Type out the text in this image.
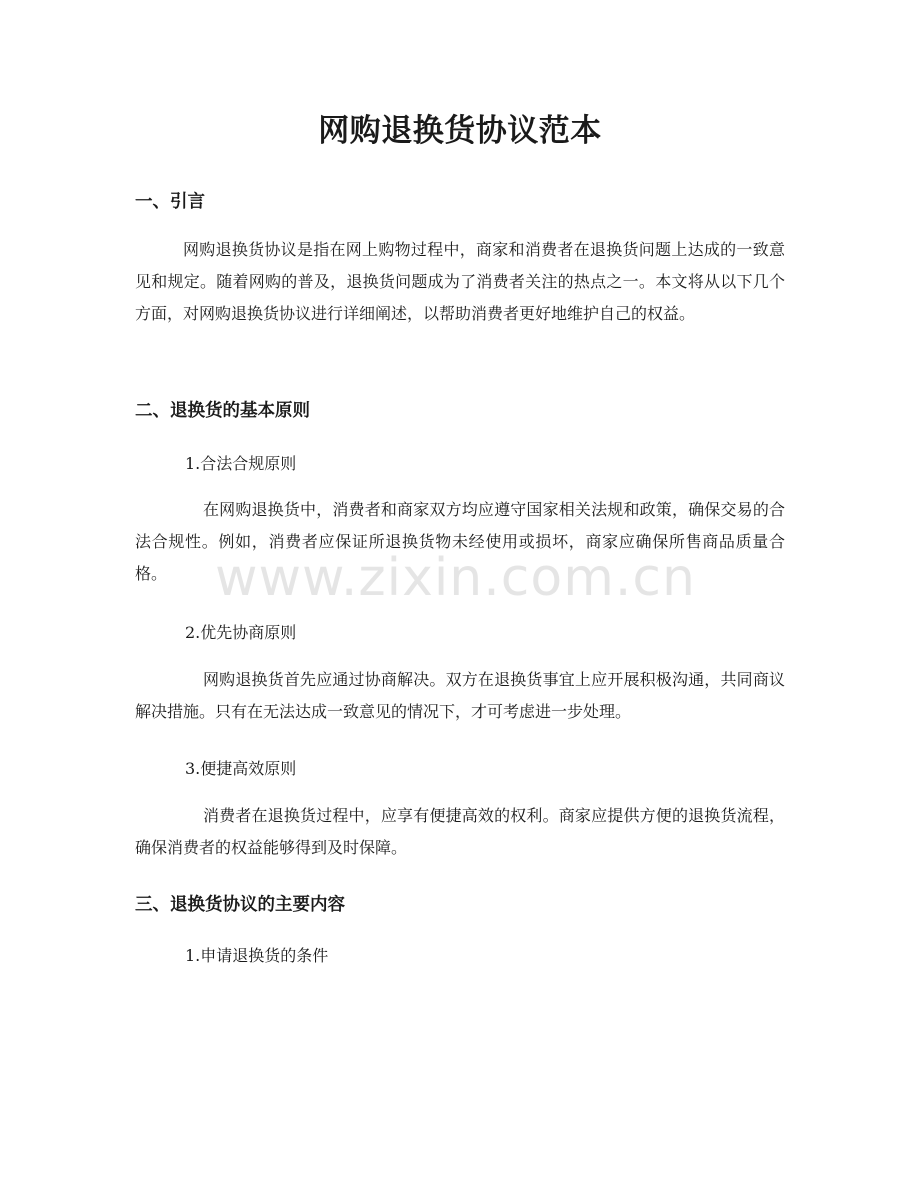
网购退换货协议范本
一、引言

网购退换货协议是指在网上购物过程中，商家和消费者在退换货问题上达成的一致意见和规定。随着网购的普及，退换货问题成为了消费者关注的热点之一。本文将从以下几个方面，对网购退换货协议进行详细阐述，以帮助消费者更好地维护自己的权益。

二、退换货的基本原则

1.合法合规原则

在网购退换货中，消费者和商家双方均应遵守国家相关法规和政策，确保交易的合法合规性。例如，消费者应保证所退换货物未经使用或损坏，商家应确保所售商品质量合格。

2.优先协商原则

网购退换货首先应通过协商解决。双方在退换货事宜上应开展积极沟通，共同商议解决措施。只有在无法达成一致意见的情况下，才可考虑进一步处理。

3.便捷高效原则

消费者在退换货过程中，应享有便捷高效的权利。商家应提供方便的退换货流程，确保消费者的权益能够得到及时保障。

三、退换货协议的主要内容

1.申请退换货的条件

www.zixin.com.cn
